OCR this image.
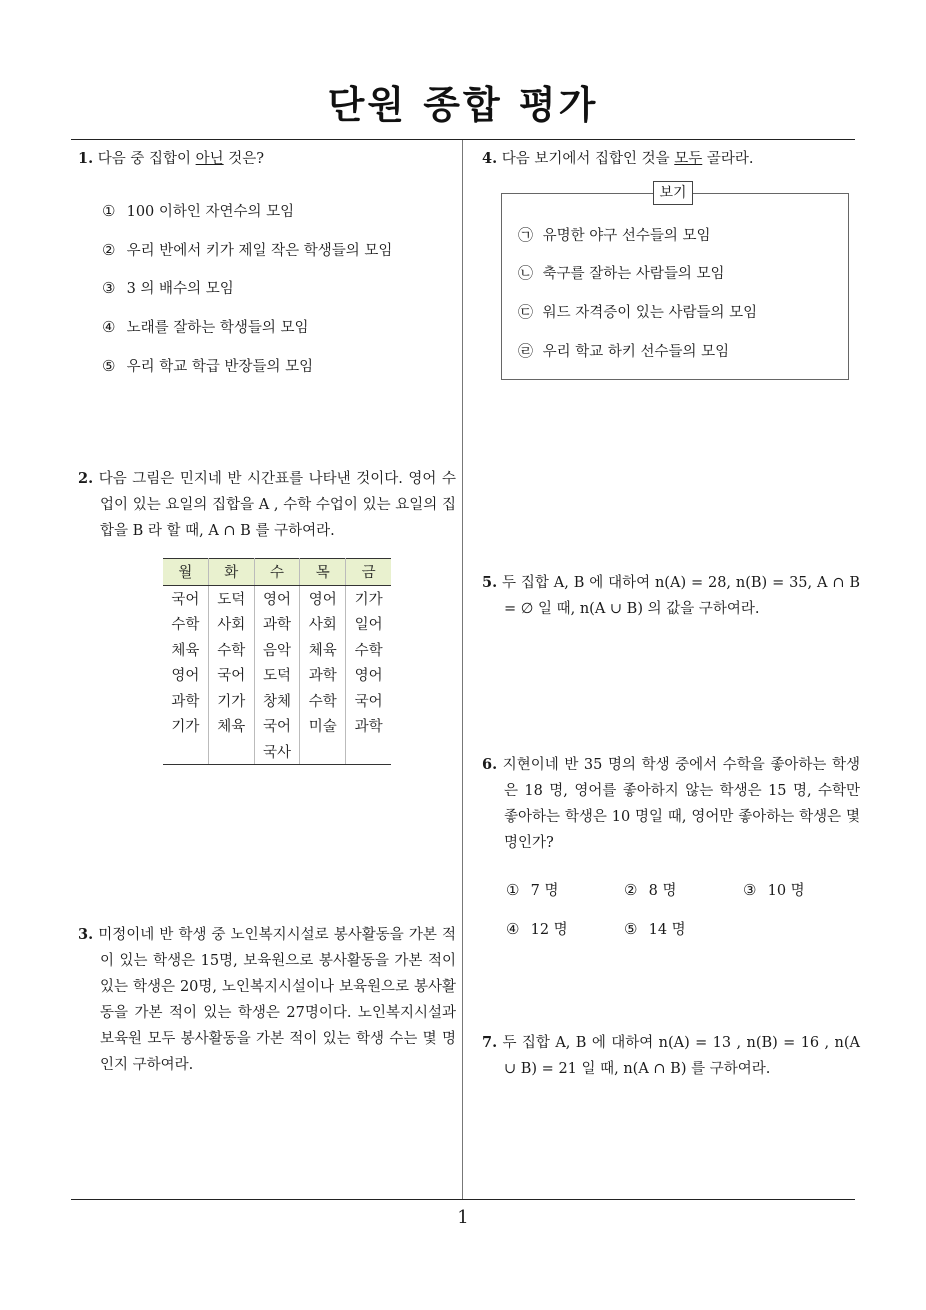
단원 종합 평가
1
1. 다음 중 집합이 아닌 것은?
① 100 이하인 자연수의 모임
② 우리 반에서 키가 제일 작은 학생들의 모임
③ 3 의 배수의 모임
④ 노래를 잘하는 학생들의 모임
⑤ 우리 학교 학급 반장들의 모임
2. 다음 그림은 민지네 반 시간표를 나타낸 것이다. 영어 수업이 있는 요일의 집합을 A , 수학 수업이 있는 요일의 집합을 B 라 할 때, A ∩ B 를 구하여라.
월	화	수	목	금
국어	도덕	영어	영어	기가
수학	사회	과학	사회	일어
체육	수학	음악	체육	수학
영어	국어	도덕	과학	영어
과학	기가	창체	수학	국어
기가	체육	국어	미술	과학
		국사		
3. 미정이네 반 학생 중 노인복지시설로 봉사활동을 가본 적이 있는 학생은 15명, 보육원으로 봉사활동을 가본 적이 있는 학생은 20명, 노인복지시설이나 보육원으로 봉사활동을 가본 적이 있는 학생은 27명이다. 노인복지시설과 보육원 모두 봉사활동을 가본 적이 있는 학생 수는 몇 명인지 구하여라.
4. 다음 보기에서 집합인 것을 모두 골라라.
보기
㉠ 유명한 야구 선수들의 모임
㉡ 축구를 잘하는 사람들의 모임
㉢ 워드 자격증이 있는 사람들의 모임
㉣ 우리 학교 하키 선수들의 모임
5. 두 집합 A, B 에 대하여 n(A) = 28, n(B) = 35, A ∩ B = ∅ 일 때, n(A ∪ B) 의 값을 구하여라.
6. 지현이네 반 35 명의 학생 중에서 수학을 좋아하는 학생은 18 명, 영어를 좋아하지 않는 학생은 15 명, 수학만 좋아하는 학생은 10 명일 때, 영어만 좋아하는 학생은 몇 명인가?
① 7 명	② 8 명	③ 10 명
④ 12 명	⑤ 14 명
7. 두 집합 A, B 에 대하여 n(A) = 13 , n(B) = 16 , n(A ∪ B) = 21 일 때, n(A ∩ B) 를 구하여라.
